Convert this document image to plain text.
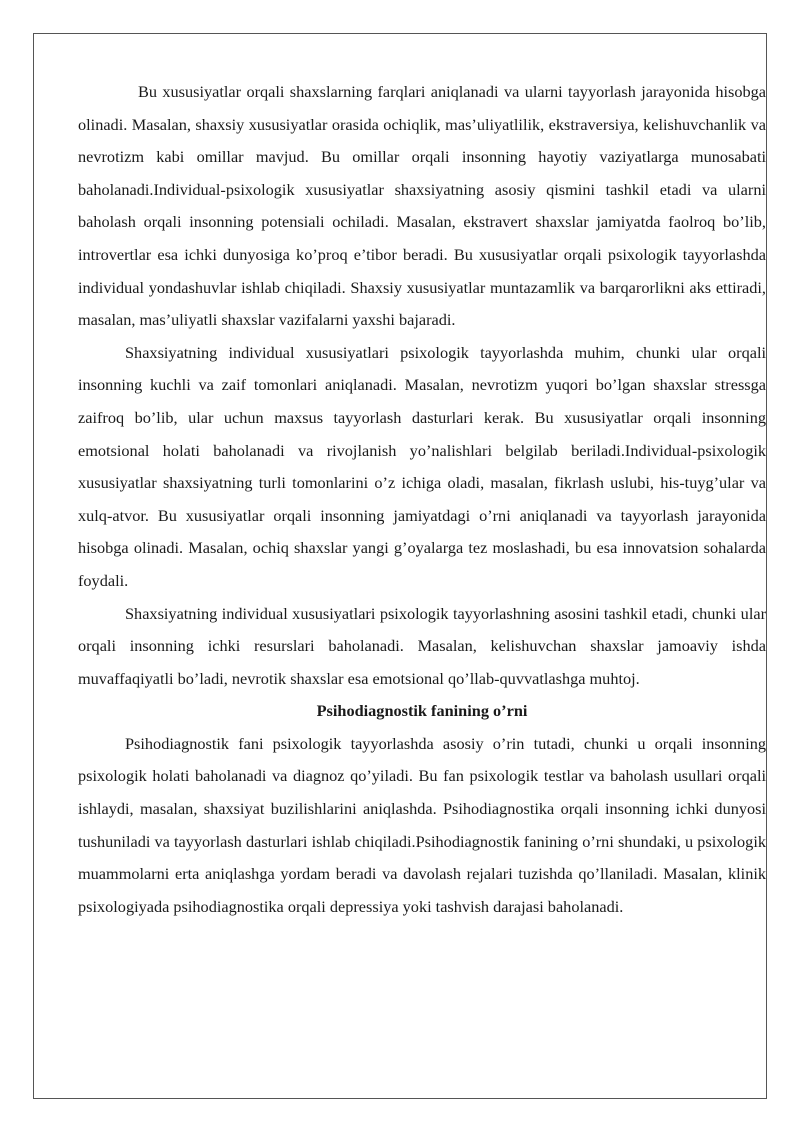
Bu xususiyatlar orqali shaxslarning farqlari aniqlanadi va ularni tayyorlash jarayonida hisobga olinadi. Masalan, shaxsiy xususiyatlar orasida ochiqlik, mas’uliyatlilik, ekstraversiya, kelishuvchanlik va nevrotizm kabi omillar mavjud. Bu omillar orqali insonning hayotiy vaziyatlarga munosabati baholanadi.Individual-psixologik xususiyatlar shaxsiyatning asosiy qismini tashkil etadi va ularni baholash orqali insonning potensiali ochiladi. Masalan, ekstravert shaxslar jamiyatda faolroq bo’lib, introvertlar esa ichki dunyosiga ko’proq e’tibor beradi. Bu xususiyatlar orqali psixologik tayyorlashda individual yondashuvlar ishlab chiqiladi. Shaxsiy xususiyatlar muntazamlik va barqarorlikni aks ettiradi, masalan, mas’uliyatli shaxslar vazifalarni yaxshi bajaradi.

Shaxsiyatning individual xususiyatlari psixologik tayyorlashda muhim, chunki ular orqali insonning kuchli va zaif tomonlari aniqlanadi. Masalan, nevrotizm yuqori bo’lgan shaxslar stressga zaifroq bo’lib, ular uchun maxsus tayyorlash dasturlari kerak. Bu xususiyatlar orqali insonning emotsional holati baholanadi va rivojlanish yo’nalishlari belgilab beriladi.Individual-psixologik xususiyatlar shaxsiyatning turli tomonlarini o’z ichiga oladi, masalan, fikrlash uslubi, his-tuyg’ular va xulq-atvor. Bu xususiyatlar orqali insonning jamiyatdagi o’rni aniqlanadi va tayyorlash jarayonida hisobga olinadi. Masalan, ochiq shaxslar yangi g’oyalarga tez moslashadi, bu esa innovatsion sohalarda foydali.

Shaxsiyatning individual xususiyatlari psixologik tayyorlashning asosini tashkil etadi, chunki ular orqali insonning ichki resurslari baholanadi. Masalan, kelishuvchan shaxslar jamoaviy ishda muvaffaqiyatli bo’ladi, nevrotik shaxslar esa emotsional qo’llab-quvvatlashga muhtoj.

Psihodiagnostik fanining o’rni

Psihodiagnostik fani psixologik tayyorlashda asosiy o’rin tutadi, chunki u orqali insonning psixologik holati baholanadi va diagnoz qo’yiladi. Bu fan psixologik testlar va baholash usullari orqali ishlaydi, masalan, shaxsiyat buzilishlarini aniqlashda. Psihodiagnostika orqali insonning ichki dunyosi tushuniladi va tayyorlash dasturlari ishlab chiqiladi.Psihodiagnostik fanining o’rni shundaki, u psixologik muammolarni erta aniqlashga yordam beradi va davolash rejalari tuzishda qo’llaniladi. Masalan, klinik psixologiyada psihodiagnostika orqali depressiya yoki tashvish darajasi baholanadi.
